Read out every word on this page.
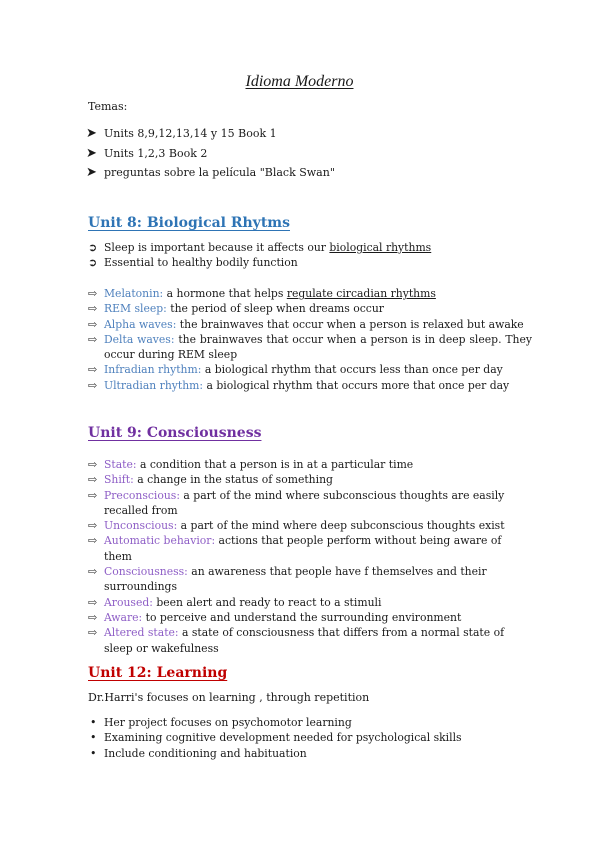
Idioma Moderno
Temas:
➤ Units 8,9,12,13,14 y 15 Book 1
➤ Units 1,2,3 Book 2
➤ preguntas sobre la película "Black Swan"
Unit 8: Biological Rhytms
➲ Sleep is important because it affects our biological rhythms
➲ Essential to healthy bodily function
⇨ Melatonin: a hormone that helps regulate circadian rhythms
⇨ REM sleep: the period of sleep when dreams occur
⇨ Alpha waves: the brainwaves that occur when a person is relaxed but awake
⇨ Delta waves: the brainwaves that occur when a person is in deep sleep. They occur during REM sleep
⇨ Infradian rhythm: a biological rhythm that occurs less than once per day
⇨ Ultradian rhythm: a biological rhythm that occurs more that once per day
Unit 9: Consciousness
⇨ State: a condition that a person is in at a particular time
⇨ Shift: a change in the status of something
⇨ Preconscious: a part of the mind where subconscious thoughts are easily recalled from
⇨ Unconscious: a part of the mind where deep subconscious thoughts exist
⇨ Automatic behavior: actions that people perform without being aware of them
⇨ Consciousness: an awareness that people have f themselves and their surroundings
⇨ Aroused: been alert and ready to react to a stimuli
⇨ Aware: to perceive and understand the surrounding environment
⇨ Altered state: a state of consciousness that differs from a normal state of sleep or wakefulness
Unit 12: Learning
Dr.Harri's focuses on learning , through repetition
• Her project focuses on psychomotor learning
• Examining cognitive development needed for psychological skills
• Include conditioning and habituation
